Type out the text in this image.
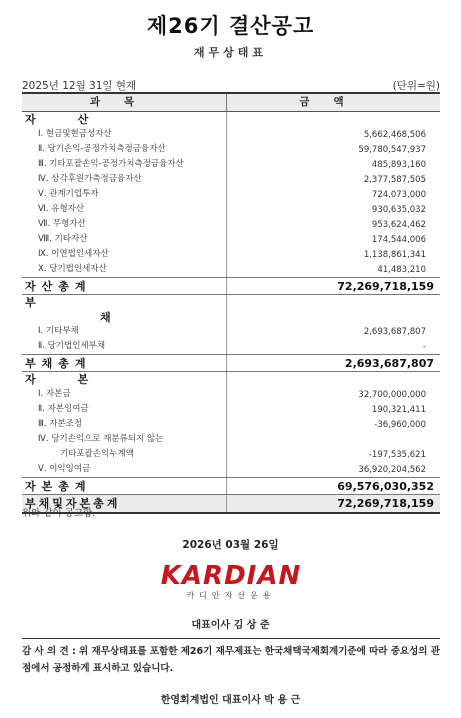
제26기 결산공고
재무상태표
2025년 12월 31일 현재	(단위=원)
과목	금액
자산
Ⅰ. 현금및현금성자산	5,662,468,506
Ⅱ. 당기손익-공정가치측정금융자산	59,780,547,937
Ⅲ. 기타포괄손익-공정가치측정금융자산	485,893,160
Ⅳ. 상각후원가측정금융자산	2,377,587,505
Ⅴ. 관계기업투자	724,073,000
Ⅵ. 유형자산	930,635,032
Ⅶ. 무형자산	953,624,462
Ⅷ. 기타자산	174,544,006
Ⅸ. 이연법인세자산	1,138,861,341
Ⅹ. 당기법인세자산	41,483,210
자산총계	72,269,718,159
부
채
Ⅰ. 기타부채	2,693,687,807
Ⅱ. 당기법인세부채	-
부채총계	2,693,687,807
자본
Ⅰ. 자본금	32,700,000,000
Ⅱ. 자본잉여금	190,321,411
Ⅲ. 자본조정	-36,960,000
Ⅳ. 당기손익으로 재분류되지 않는
기타포괄손익누계액	-197,535,621
Ⅴ. 이익잉여금	36,920,204,562
자본총계	69,576,030,352
부채및자본총계	72,269,718,159
위와 같이 공고함.
2026년 03월 26일
KARDIAN
카디안자산운용
대표이사 김 상 준
감 사 의 견 : 위 재무상태표를 포함한 제26기 재무제표는 한국채택국제회계기준에 따라 중요성의 관점에서 공정하게 표시하고 있습니다.
한영회계법인 대표이사 박 용 근
